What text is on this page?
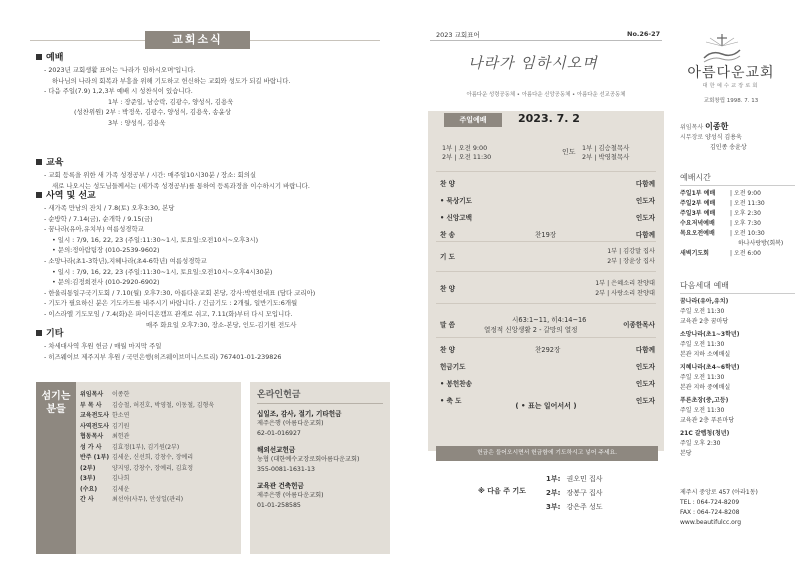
교회소식
예배
- 2023년 교회생활 표어는 '나라가 임하시오며'입니다.
하나님의 나라의 회복과 부흥을 위해 기도하고 헌신하는 교회와 성도가 되길 바랍니다.
- 다음 주일(7.9) 1,2,3부 예배 시 성찬식이 있습니다.
1부 : 장준일, 남승락, 김광수, 양성식, 김용욱
(성찬위원) 2부 : 박정욱, 김광수, 양성식, 김용욱, 송윤상
3부 : 양성식, 김용욱
교육
- 교회 등록을 위한 새 가족 성경공부 / 시간: 매주일10시30분 / 장소: 회의실
새로 나오시는 성도님들께서는 (새가족 성경공부)를 통하여 등록과정을 이수하시기 바랍니다.
사역 및 선교
- 새가족 만남의 잔치 / 7.8(토) 오후3:30, 본당
- 순방학 / 7.14(금), 순개학 / 9.15(금)
- 꿈나라(유아,유치부) 여름성경학교
• 일시 : 7/9, 16, 22, 23 (주일:11:30~1시, 토요일:오전10시~오후3시)
• 문의:정아람팀장 (010-2539-9602)
- 소망나라(초1-3학년),지혜나라(초4-6학년) 여름성경학교
• 일시 : 7/9, 16, 22, 23 (주일:11:30~1시, 토요일:오전10시~오후4시30분)
• 문의:김정희전사 (010-2920-6902)
- 한울리통일구국기도회 / 7.10(월) 오후7:30, 아름다운교회 본당, 강사:박현선대표 (담다 코리아)
- 기도가 필요하신 분은 기도카드를 내주시기 바랍니다. / 긴급기도 : 2개월, 일반기도:6개월
- 이스라엘 기도모임 / 7.4(화)은 파이디온캠프 관계로 쉬고, 7.11(화)부터 다시 모입니다.
매주 화요일 오후7:30, 장소-본당, 인도-김기원 전도사
기타
- 차세대사역 후원 헌금 / 매월 마지막 주일
- 히즈웨이브 제주지부 후원 / 국민은행(히즈웨이브미니스트리) 767401-01-239826
섬기는
분들
위임목사 이종한
부 목 사 김승철, 허진호, 박영철, 이동철, 김형욱
교육전도사 한소연
사역전도사 김기원
협동목사 최헌관
성 가 사 김효정(1부), 김기원(2부)
반주 (1부) 김세운, 신선희, 강창수, 장예리
(2부)	양지영, 강창수, 장예리, 김효정
(3부)	김나희
(수요) 김세운
간 사	최선아(사무), 안성일(관리)
온라인헌금
십일조, 감사, 절기, 기타헌금
제주은행 (아름다운교회)
62-01-016927
해외선교헌금
농협 (대한예수교장로회아름다운교회)
355-0081-1631-13
교육관 건축헌금
제주은행 (아름다운교회)
01-01-258585
2023 교회표어	No.26-27
나라가 임하시오며
아름다운 성령공동체 • 아름다운 신앙공동체 • 아름다운 선교공동체
아름다운교회
대한예수교장로회
교회창립 1998. 7. 13
주일예배	2023. 7. 2
1부 | 오전 9:00
2부 | 오전 11:30
인도 1부 | 김승철목사
2부 | 박영철목사
찬 양	다함께
• 묵상기도	인도자
• 신앙고백	인도자
찬 송	찬19장	다함께
기 도
1부 | 김강말 집사
2부 | 장윤상 집사
찬 양
1부 | 은혜소리 찬양대
2부 | 사랑소리 찬양대
말 씀
시63:1~11, 히4:14~16
열정적 신앙생활 2 - 갈망의 열정
이종한목사
찬 양	찬292장	다함께
헌금기도	인도자
• 봉헌찬송	인도자
• 축 도	인도자
( • 표는 일어서서 )
헌금은 들어오시면서 헌금함에 기도하시고 넣어 주세요.
※ 다음 주 기도
1부: 권오민 집사
2부: 장봉구 집사
3부: 강은주 성도
위임목사 이종한
시무장로 양성식 김용욱
김인종 송윤상
예배시간
주일1부 예배 | 오전 9:00
주일2부 예배 | 오전 11:30
주일3부 예배 | 오후 2:30
수요저녁예배	| 오후 7:30
목요오전예배	| 오전 10:30
하나사랑방(회복)
새벽기도회	| 오전 6:00
다음세대 예배
꿈나라(유아,유치)
주일 오전 11:30
교육관 2층 꿈마당
소망나라(초1~3학년)
주일 오전 11:30
본관 지하 소예배실
지혜나라(초4~6학년)
주일 오전 11:30
본관 지하 중예배실
푸른초장(중,고등)
주일 오전 11:30
교육관 2층 푸른마당
21C 갈렙청(청년)
주일 오후 2:30
본당
제주시 중앙로 457 (아라1동)
TEL : 064-724-8209
FAX : 064-724-8208
www.beautifulcc.org
